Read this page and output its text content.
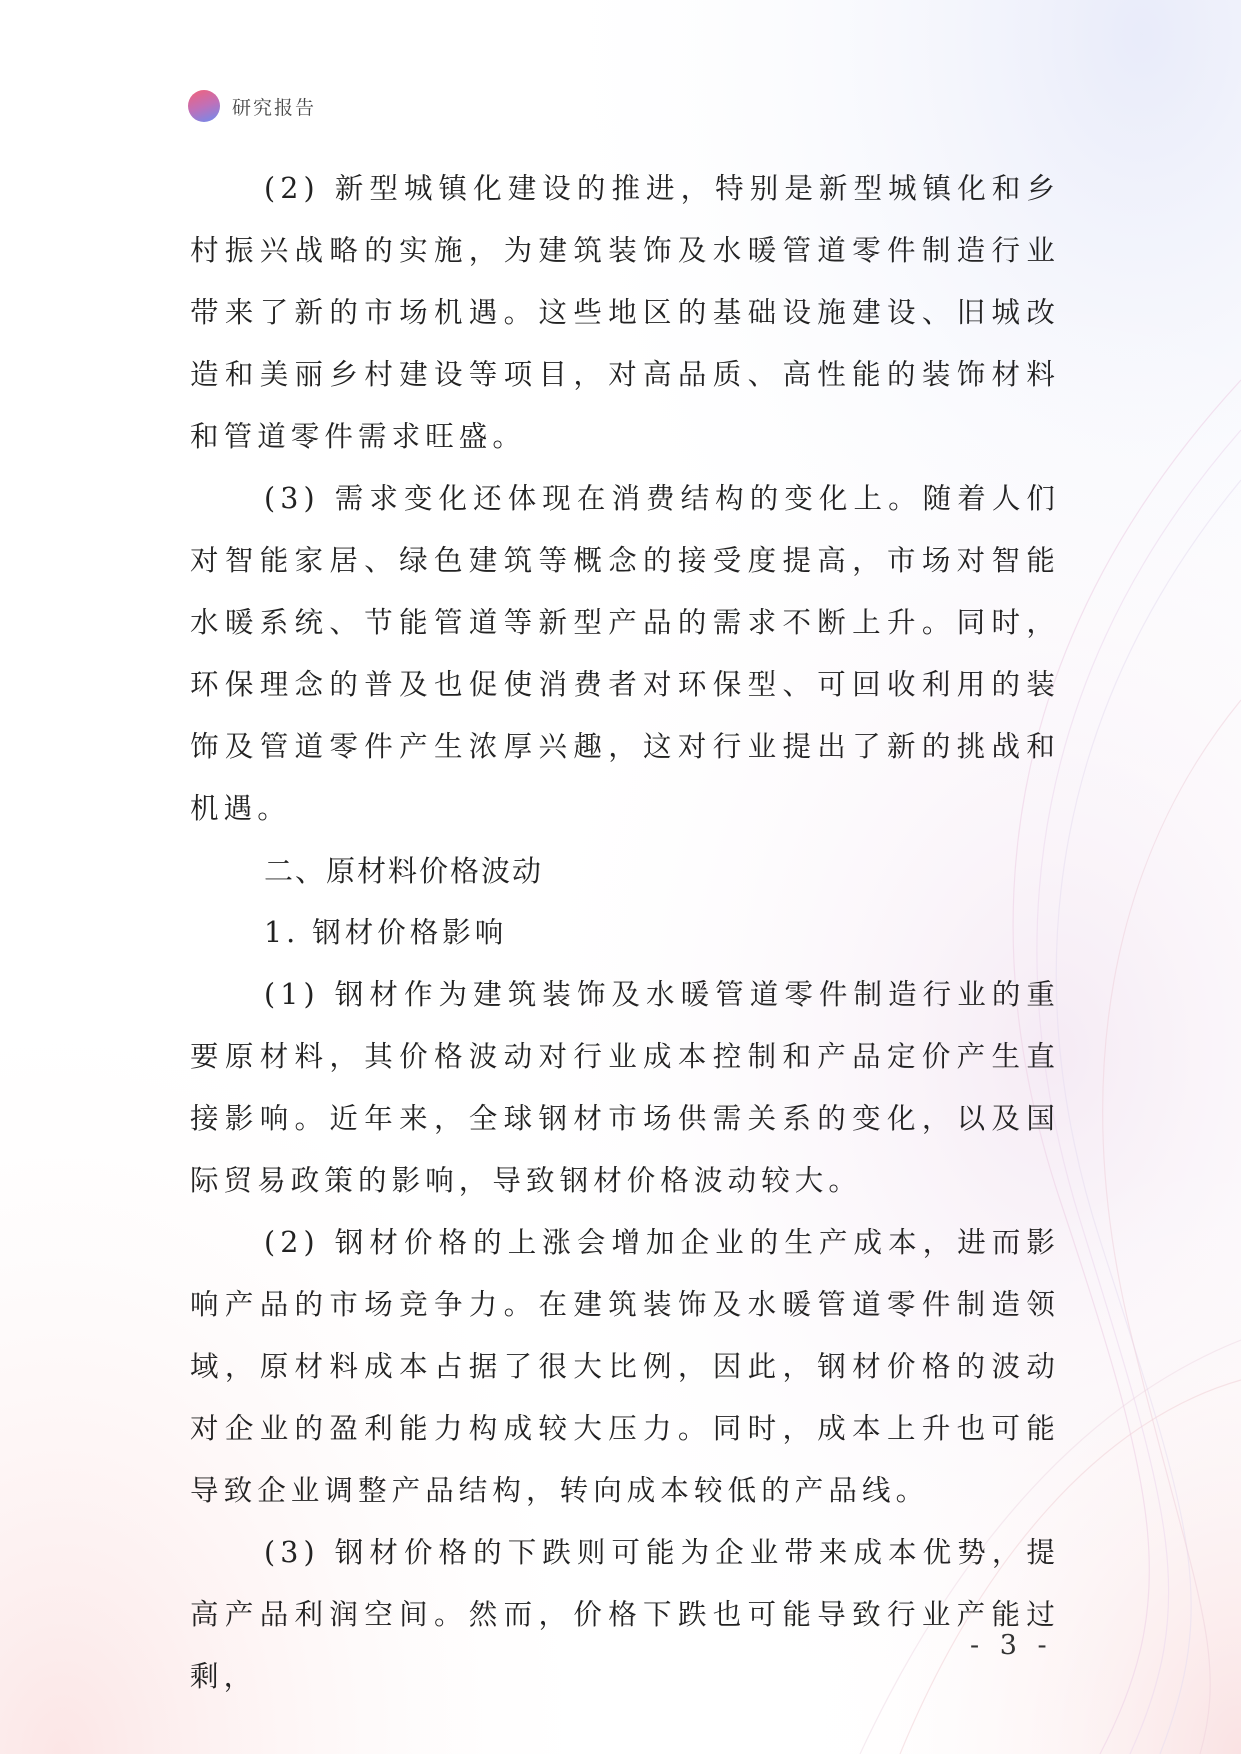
研究报告

(2) 新型城镇化建设的推进，特别是新型城镇化和乡村振兴战略的实施，为建筑装饰及水暖管道零件制造行业带来了新的市场机遇。这些地区的基础设施建设、旧城改造和美丽乡村建设等项目，对高品质、高性能的装饰材料和管道零件需求旺盛。

(3) 需求变化还体现在消费结构的变化上。随着人们对智能家居、绿色建筑等概念的接受度提高，市场对智能水暖系统、节能管道等新型产品的需求不断上升。同时，环保理念的普及也促使消费者对环保型、可回收利用的装饰及管道零件产生浓厚兴趣，这对行业提出了新的挑战和机遇。

二、原材料价格波动

1. 钢材价格影响

(1) 钢材作为建筑装饰及水暖管道零件制造行业的重要原材料，其价格波动对行业成本控制和产品定价产生直接影响。近年来，全球钢材市场供需关系的变化，以及国际贸易政策的影响，导致钢材价格波动较大。

(2) 钢材价格的上涨会增加企业的生产成本，进而影响产品的市场竞争力。在建筑装饰及水暖管道零件制造领域，原材料成本占据了很大比例，因此，钢材价格的波动对企业的盈利能力构成较大压力。同时，成本上升也可能导致企业调整产品结构，转向成本较低的产品线。

(3) 钢材价格的下跌则可能为企业带来成本优势，提高产品利润空间。然而，价格下跌也可能导致行业产能过剩，

- 3 -
